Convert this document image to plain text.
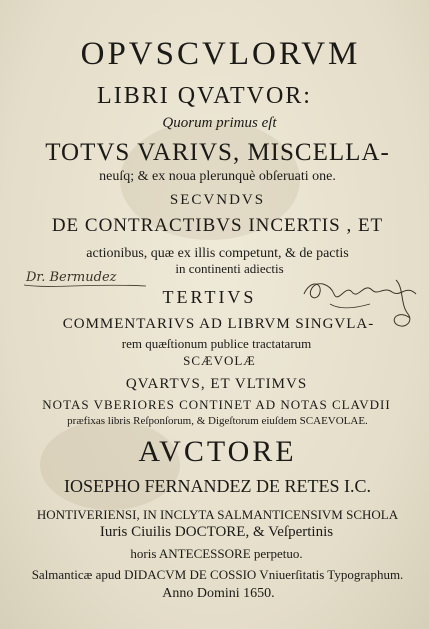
OPVSCVLORVM
LIBRI QVATVOR:
Quorum primus eſt
TOTVS VARIVS, MISCELLA-
neuſq; & ex noua plerunquè obſeruati one.
SECVNDVS
DE CONTRACTIBVS INCERTIS , ET
actionibus, quæ ex illis competunt, & de pactis
in continenti adiectis
TERTIVS
COMMENTARIVS AD LIBRVM SINGVLA-
rem quæſtionum publice tractatarum
SCÆVOLÆ
QVARTVS, ET VLTIMVS
NOTAS VBERIORES CONTINET AD NOTAS CLAVDII
præfixas libris Reſponſorum, & Digeſtorum eiuſdem SCAEVOLAE.
AVCTORE
IOSEPHO FERNANDEZ DE RETES I.C.
HONTIVERIENSI, IN INCLYTA SALMANTICENSIVM SCHOLA
Iuris Ciuilis DOCTORE, & Veſpertinis
horis ANTECESSORE perpetuo.
Salmanticæ apud DIDACVM DE COSSIO Vniuerſitatis Typographum.
Anno Domini 1650.
Dr. Bermudez
